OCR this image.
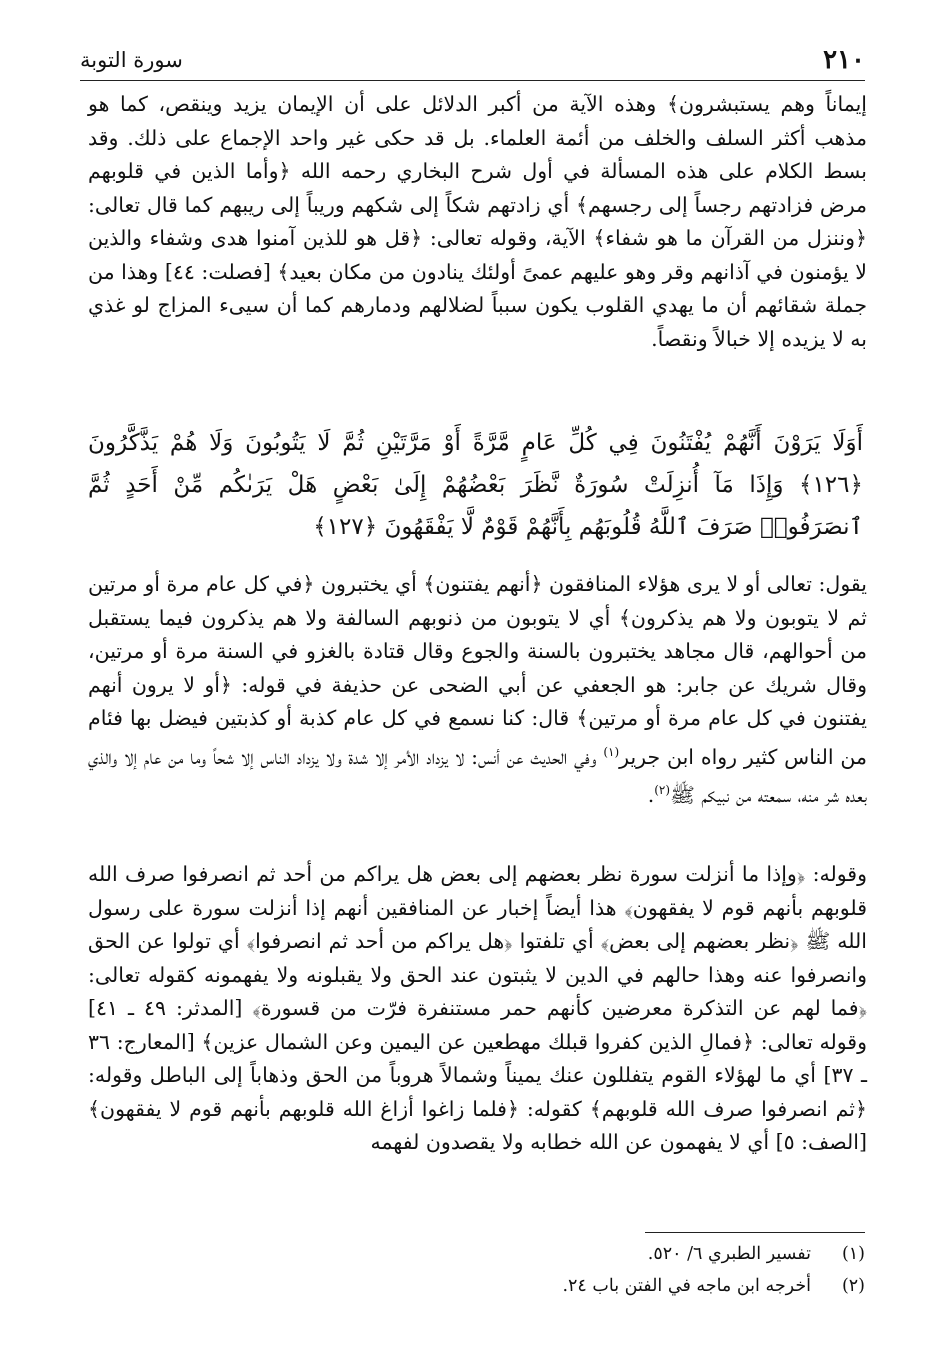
٢١٠
سورة التوبة

إيماناً وهم يستبشرون﴾ وهذه الآية من أكبر الدلائل على أن الإيمان يزيد وينقص، كما هو مذهب أكثر السلف والخلف من أئمة العلماء. بل قد حكى غير واحد الإجماع على ذلك. وقد بسط الكلام على هذه المسألة في أول شرح البخاري رحمه الله ﴿وأما الذين في قلوبهم مرض فزادتهم رجساً إلى رجسهم﴾ أي زادتهم شكاً إلى شكهم وريباً إلى ريبهم كما قال تعالى: ﴿وننزل من القرآن ما هو شفاء﴾ الآية، وقوله تعالى: ﴿قل هو للذين آمنوا هدى وشفاء والذين لا يؤمنون في آذانهم وقر وهو عليهم عمىً أولئك ينادون من مكان بعيد﴾ [فصلت: ٤٤] وهذا من جملة شقائهم أن ما يهدي القلوب يكون سبباً لضلالهم ودمارهم كما أن سيىء المزاج لو غذي به لا يزيده إلا خبالاً ونقصاً.

أَوَلَا يَرَوْنَ أَنَّهُمْ يُفْتَنُونَ فِي كُلِّ عَامٍ مَّرَّةً أَوْ مَرَّتَيْنِ ثُمَّ لَا يَتُوبُونَ وَلَا هُمْ يَذَّكَّرُونَ ﴿١٢٦﴾ وَإِذَا مَآ أُنزِلَتْ سُورَةٌ نَّظَرَ بَعْضُهُمْ إِلَىٰ بَعْضٍ هَلْ يَرَىٰكُم مِّنْ أَحَدٍ ثُمَّ ٱنصَرَفُوا۟ صَرَفَ ٱللَّهُ قُلُوبَهُم بِأَنَّهُمْ قَوْمٌ لَّا يَفْقَهُونَ ﴿١٢٧﴾

يقول: تعالى أو لا يرى هؤلاء المنافقون ﴿أنهم يفتنون﴾ أي يختبرون ﴿في كل عام مرة أو مرتين ثم لا يتوبون ولا هم يذكرون﴾ أي لا يتوبون من ذنوبهم السالفة ولا هم يذكرون فيما يستقبل من أحوالهم، قال مجاهد يختبرون بالسنة والجوع وقال قتادة بالغزو في السنة مرة أو مرتين، وقال شريك عن جابر: هو الجعفي عن أبي الضحى عن حذيفة في قوله: ﴿أو لا يرون أنهم يفتنون في كل عام مرة أو مرتين﴾ قال: كنا نسمع في كل عام كذبة أو كذبتين فيضل بها فئام من الناس كثير رواه ابن جرير$^{(١)}$ وفي الحديث عن أنس: لا يزداد الأمر إلا شدة ولا يزداد الناس إلا شحاً وما من عام إلا والذي بعده شر منه، سمعته من نبيكم ﷺ$^{(٢)}$.

وقوله: ﴿وإذا ما أنزلت سورة نظر بعضهم إلى بعض هل يراكم من أحد ثم انصرفوا صرف الله قلوبهم بأنهم قوم لا يفقهون﴾ هذا أيضاً إخبار عن المنافقين أنهم إذا أنزلت سورة على رسول الله ﷺ ﴿نظر بعضهم إلى بعض﴾ أي تلفتوا ﴿هل يراكم من أحد ثم انصرفوا﴾ أي تولوا عن الحق وانصرفوا عنه وهذا حالهم في الدين لا يثبتون عند الحق ولا يقبلونه ولا يفهمونه كقوله تعالى: ﴿فما لهم عن التذكرة معرضين كأنهم حمر مستنفرة فرّت من قسورة﴾ [المدثر: ٤٩ ـ ٤١] وقوله تعالى: ﴿فمالِ الذين كفروا قبلك مهطعين عن اليمين وعن الشمال عزين﴾ [المعارج: ٣٦ ـ ٣٧] أي ما لهؤلاء القوم يتفللون عنك يميناً وشمالاً هروباً من الحق وذهاباً إلى الباطل وقوله: ﴿ثم انصرفوا صرف الله قلوبهم﴾ كقوله: ﴿فلما زاغوا أزاغ الله قلوبهم بأنهم قوم لا يفقهون﴾ [الصف: ٥] أي لا يفهمون عن الله خطابه ولا يقصدون لفهمه

(١)
تفسير الطبري ٦/ ٥٢٠.
(٢)
أخرجه ابن ماجه في الفتن باب ٢٤.
